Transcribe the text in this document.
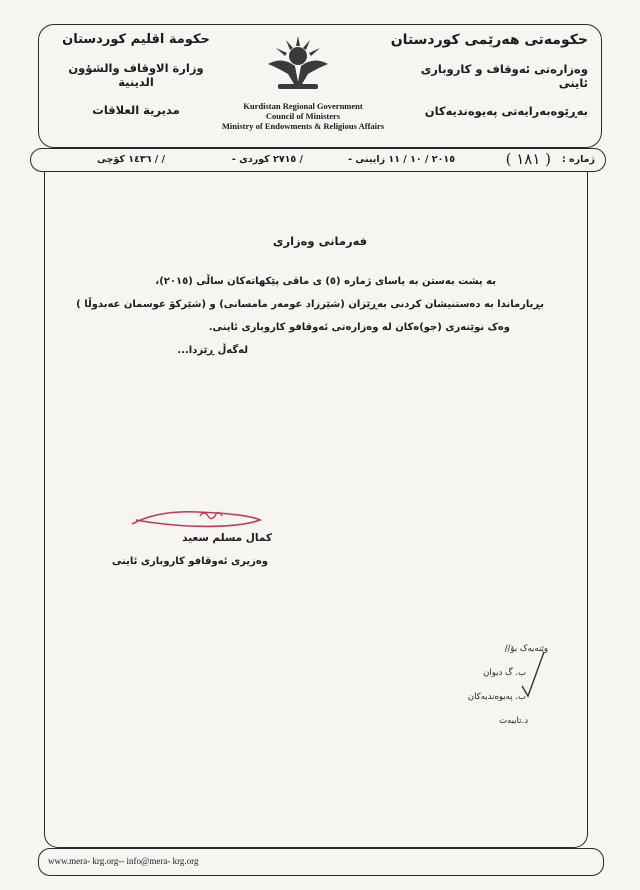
حكومة اقليم كوردستان
وزارة الاوقاف والشؤون الدينية
مديرية العلاقات
حکومەتی هەرێمی کوردستان
وەزارەتی ئەوقاف و کاروباری ئاینی
بەڕێوەبەرایەتی پەیوەندیەکان
Kurdistan Regional Government
Council of Ministers
Ministry of Endowments & Religious Affairs
ژمارە :
( ١٨١ )
٢٠١٥ / ١٠ / ١١ زایینی -
/ ٢٧١٥ کوردی -
/ / ١٤٣٦ کۆچی
فەرمانی وەزاری
بە پشت بەستن بە یاسای ژمارە (٥) ی ماقی پێکهاتەکان ساڵی (٢٠١٥)،
بڕیارماندا بە دەستنیشان کردنی بەڕێزان (شێرزاد عومەر مامسانی) و (شێرکۆ عوسمان عەبدوڵا )
وەک نوێنەری (جو)ەکان لە وەزارەتی ئەوقافو کاروباری ئاینی.
لەگەڵ ڕێزدا...
کمال مسلم سعید
وەزیری ئەوقافو کاروباری ئاینی
وێنەیەک بۆ//
ب. گ دیوان
ب. پەیوەندیەکان
د.تایبەت
www.mera- krg.org-- info@mera- krg.org
